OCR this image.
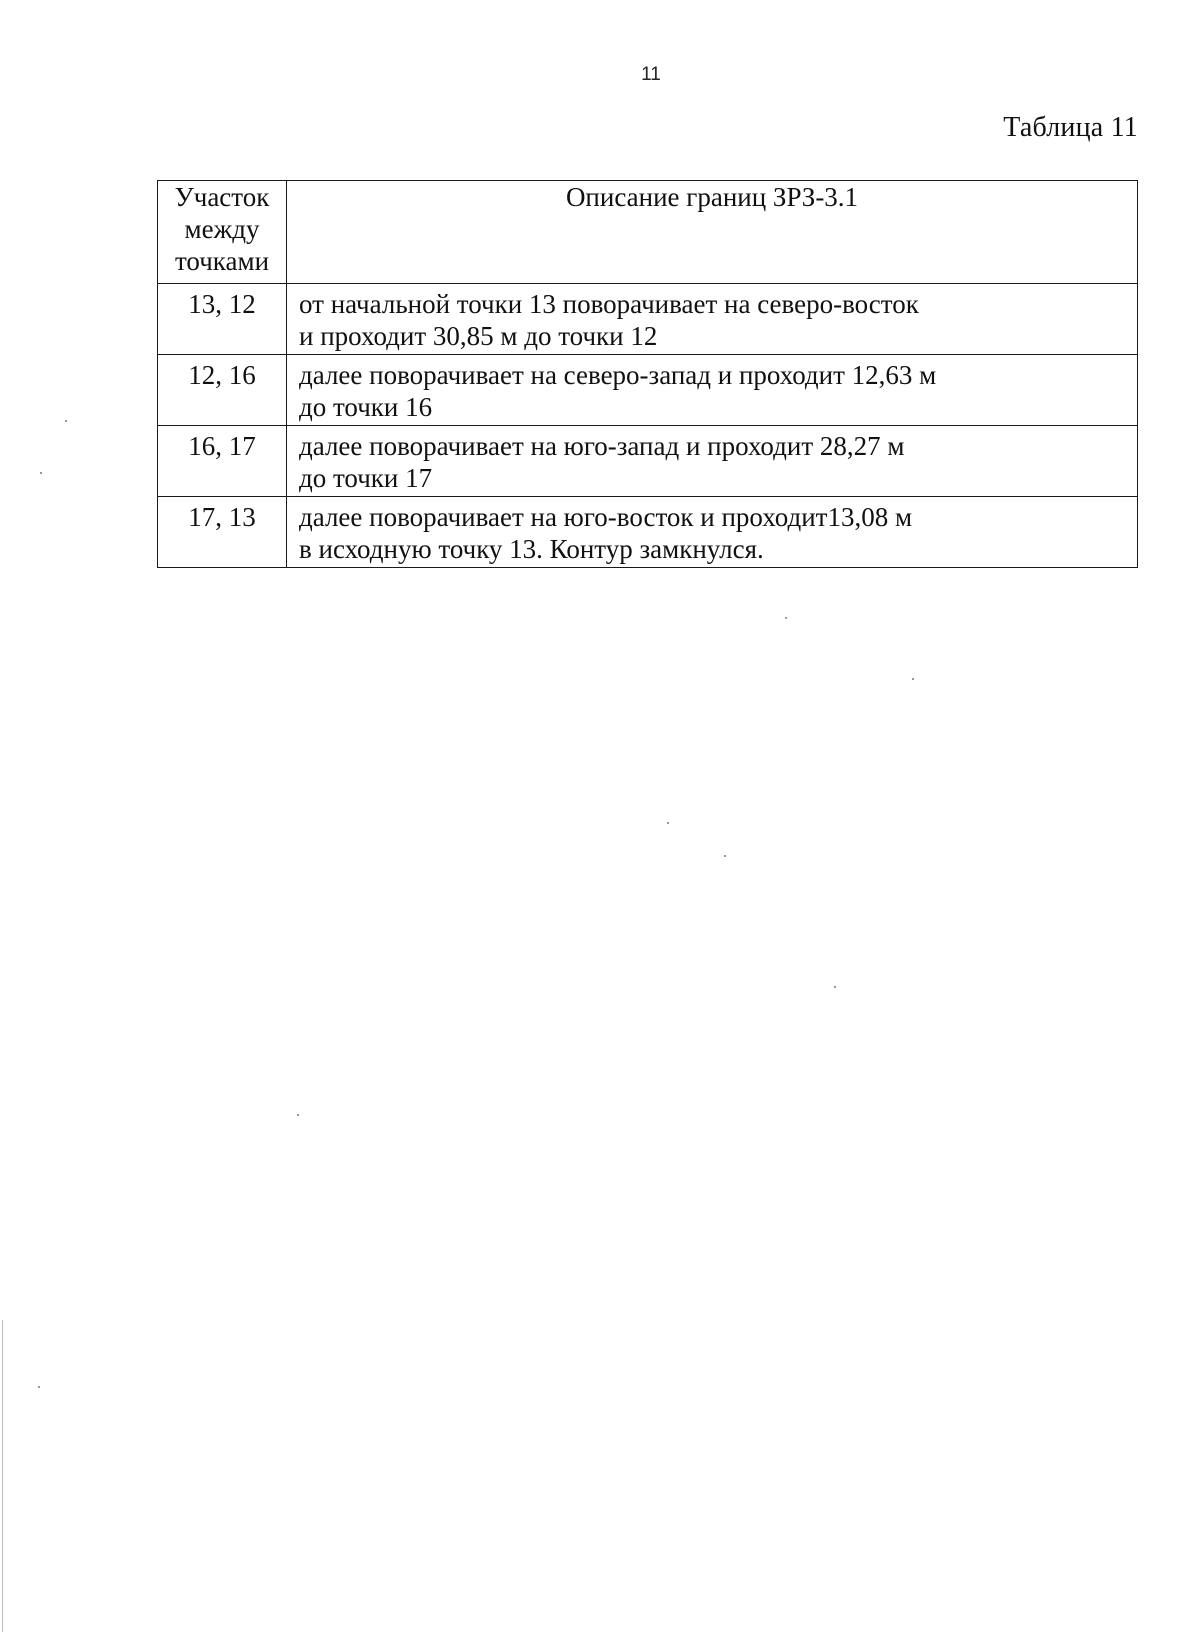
11
Таблица 11
Участок
между
точками	Описание границ ЗРЗ-3.1
13, 12	от начальной точки 13 поворачивает на северо-восток
и проходит 30,85 м до точки 12

12, 16	далее поворачивает на северо-запад и проходит 12,63 м
до точки 16

16, 17	далее поворачивает на юго-запад и проходит 28,27 м
до точки 17

17, 13	далее поворачивает на юго-восток и проходит13,08 м
в исходную точку 13. Контур замкнулся.
